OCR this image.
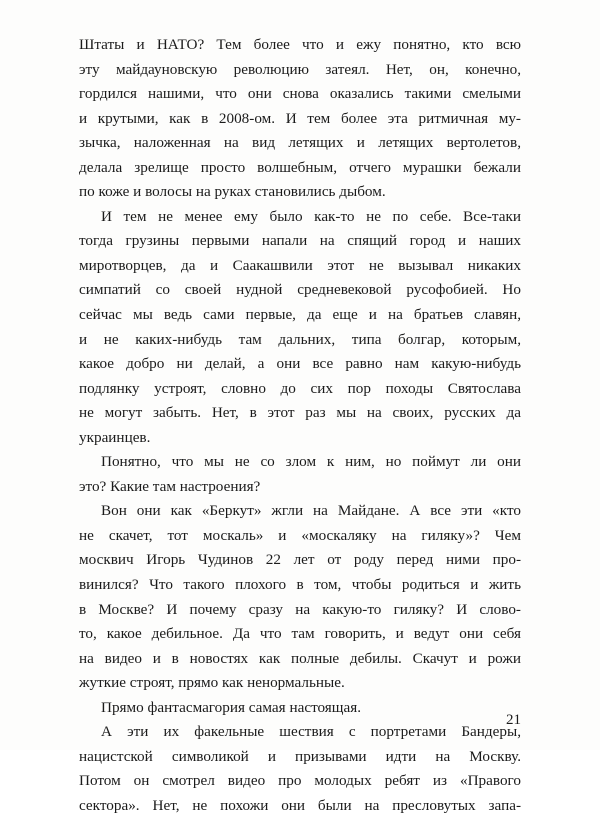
Штаты и НАТО? Тем более что и ежу понятно, кто всю
эту майдауновскую революцию затеял. Нет, он, конечно,
гордился нашими, что они снова оказались такими смелыми
и крутыми, как в 2008-ом. И тем более эта ритмичная му-
зычка, наложенная на вид летящих и летящих вертолетов,
делала зрелище просто волшебным, отчего мурашки бежали
по коже и волосы на руках становились дыбом.
И тем не менее ему было как-то не по себе. Все-таки
тогда грузины первыми напали на спящий город и наших
миротворцев, да и Саакашвили этот не вызывал никаких
симпатий со своей нудной средневековой русофобией. Но
сейчас мы ведь сами первые, да еще и на братьев славян,
и не каких-нибудь там дальних, типа болгар, которым,
какое добро ни делай, а они все равно нам какую-нибудь
подлянку устроят, словно до сих пор походы Святослава
не могут забыть. Нет, в этот раз мы на своих, русских да
украинцев.
Понятно, что мы не со злом к ним, но поймут ли они
это? Какие там настроения?
Вон они как «Беркут» жгли на Майдане. А все эти «кто
не скачет, тот москаль» и «москаляку на гиляку»? Чем
москвич Игорь Чудинов 22 лет от роду перед ними про-
винился? Что такого плохого в том, чтобы родиться и жить
в Москве? И почему сразу на какую-то гиляку? И слово-
то, какое дебильное. Да что там говорить, и ведут они себя
на видео и в новостях как полные дебилы. Скачут и рожи
жуткие строят, прямо как ненормальные.
Прямо фантасмагория самая настоящая.
А эти их факельные шествия с портретами Бандеры,
нацистской символикой и призывами идти на Москву.
Потом он смотрел видео про молодых ребят из «Правого
сектора». Нет, не похожи они были на пресловутых запа-
21
